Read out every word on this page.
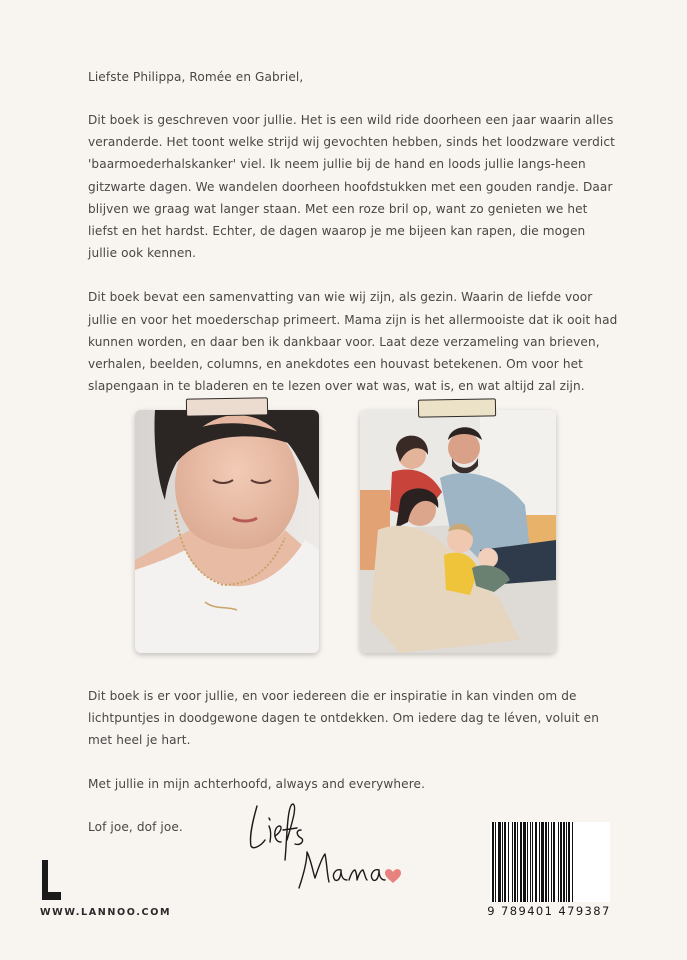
Liefste Philippa, Romée en Gabriel,

Dit boek is geschreven voor jullie. Het is een wild ride doorheen een jaar waarin alles veranderde. Het toont welke strijd wij gevochten hebben, sinds het loodzware verdict 'baarmoederhalskanker' viel. Ik neem jullie bij de hand en loods jullie langs-heen gitzwarte dagen. We wandelen doorheen hoofdstukken met een gouden randje. Daar blijven we graag wat langer staan. Met een roze bril op, want zo genieten we het liefst en het hardst. Echter, de dagen waarop je me bijeen kan rapen, die mogen jullie ook kennen.

Dit boek bevat een samenvatting van wie wij zijn, als gezin. Waarin de liefde voor jullie en voor het moederschap primeert. Mama zijn is het allermooiste dat ik ooit had kunnen worden, en daar ben ik dankbaar voor. Laat deze verzameling van brieven, verhalen, beelden, columns, en anekdotes een houvast betekenen. Om voor het slapengaan in te bladeren en te lezen over wat was, wat is, en wat altijd zal zijn.

Dit boek is er voor jullie, en voor iedereen die er inspiratie in kan vinden om de lichtpuntjes in doodgewone dagen te ontdekken. Om iedere dag te léven, voluit en met heel je hart.

Met jullie in mijn achterhoofd, always and everywhere.

Lof joe, dof joe.

WWW.LANNOO.COM	9 789401 479387
